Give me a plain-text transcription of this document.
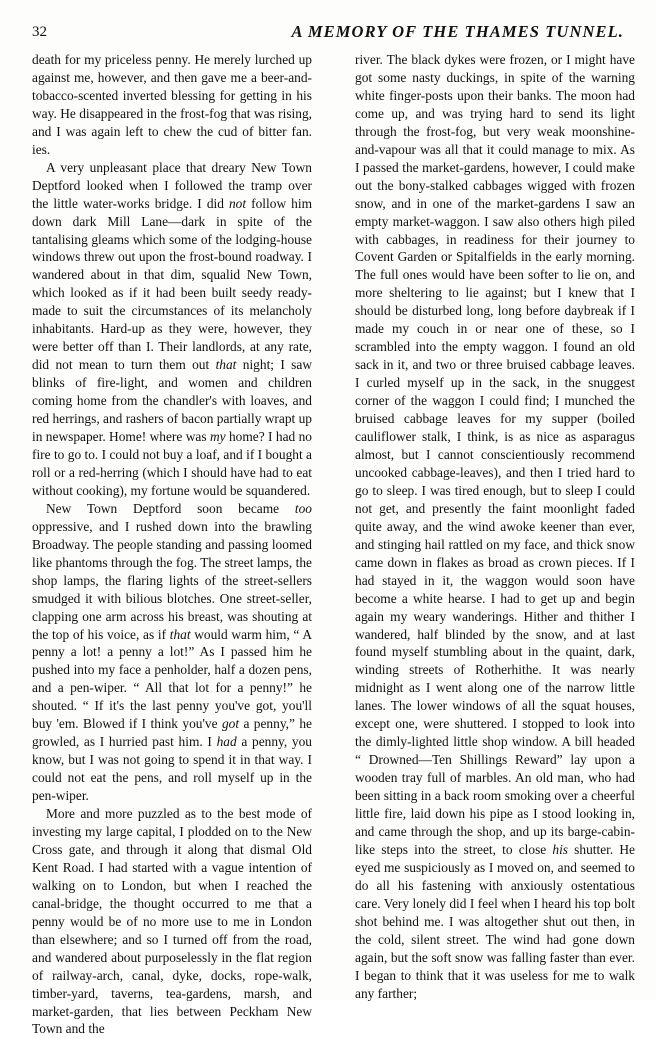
32	A MEMORY OF THE THAMES TUNNEL.

death for my priceless penny. He merely lurched up against me, however, and then gave me a beer-and-tobacco-scented inverted blessing for getting in his way. He disappeared in the frost-fog that was rising, and I was again left to chew the cud of bitter fan. ies.

A very unpleasant place that dreary New Town Deptford looked when I followed the tramp over the little water-works bridge. I did not follow him down dark Mill Lane—dark in spite of the tantalising gleams which some of the lodging-house windows threw out upon the frost-bound roadway. I wandered about in that dim, squalid New Town, which looked as if it had been built seedy ready-made to suit the circumstances of its melancholy inhabitants. Hard-up as they were, however, they were better off than I. Their landlords, at any rate, did not mean to turn them out that night; I saw blinks of fire-light, and women and children coming home from the chandler's with loaves, and red herrings, and rashers of bacon partially wrapt up in newspaper. Home! where was my home? I had no fire to go to. I could not buy a loaf, and if I bought a roll or a red-herring (which I should have had to eat without cooking), my fortune would be squandered.

New Town Deptford soon became too oppressive, and I rushed down into the brawling Broadway. The people standing and passing loomed like phantoms through the fog. The street lamps, the shop lamps, the flaring lights of the street-sellers smudged it with bilious blotches. One street-seller, clapping one arm across his breast, was shouting at the top of his voice, as if that would warm him, “ A penny a lot! a penny a lot!” As I passed him he pushed into my face a penholder, half a dozen pens, and a pen-wiper. “ All that lot for a penny!” he shouted. “ If it's the last penny you've got, you'll buy 'em. Blowed if I think you've got a penny,” he growled, as I hurried past him. I had a penny, you know, but I was not going to spend it in that way. I could not eat the pens, and roll myself up in the pen-wiper.

More and more puzzled as to the best mode of investing my large capital, I plodded on to the New Cross gate, and through it along that dismal Old Kent Road. I had started with a vague intention of walking on to London, but when I reached the canal-bridge, the thought occurred to me that a penny would be of no more use to me in London than elsewhere; and so I turned off from the road, and wandered about purposelessly in the flat region of railway-arch, canal, dyke, docks, rope-walk, timber-yard, taverns, tea-gardens, marsh, and market-garden, that lies between Peckham New Town and the

river. The black dykes were frozen, or I might have got some nasty duckings, in spite of the warning white finger-posts upon their banks. The moon had come up, and was trying hard to send its light through the frost-fog, but very weak moonshine-and-vapour was all that it could manage to mix. As I passed the market-gardens, however, I could make out the bony-stalked cabbages wigged with frozen snow, and in one of the market-gardens I saw an empty market-waggon. I saw also others high piled with cabbages, in readiness for their journey to Covent Garden or Spitalfields in the early morning. The full ones would have been softer to lie on, and more sheltering to lie against; but I knew that I should be disturbed long, long before daybreak if I made my couch in or near one of these, so I scrambled into the empty waggon. I found an old sack in it, and two or three bruised cabbage leaves. I curled myself up in the sack, in the snuggest corner of the waggon I could find; I munched the bruised cabbage leaves for my supper (boiled cauliflower stalk, I think, is as nice as asparagus almost, but I cannot conscientiously recommend uncooked cabbage-leaves), and then I tried hard to go to sleep. I was tired enough, but to sleep I could not get, and presently the faint moonlight faded quite away, and the wind awoke keener than ever, and stinging hail rattled on my face, and thick snow came down in flakes as broad as crown pieces. If I had stayed in it, the waggon would soon have become a white hearse. I had to get up and begin again my weary wanderings. Hither and thither I wandered, half blinded by the snow, and at last found myself stumbling about in the quaint, dark, winding streets of Rotherhithe. It was nearly midnight as I went along one of the narrow little lanes. The lower windows of all the squat houses, except one, were shuttered. I stopped to look into the dimly-lighted little shop window. A bill headed “ Drowned—Ten Shillings Reward” lay upon a wooden tray full of marbles. An old man, who had been sitting in a back room smoking over a cheerful little fire, laid down his pipe as I stood looking in, and came through the shop, and up its barge-cabin-like steps into the street, to close his shutter. He eyed me suspiciously as I moved on, and seemed to do all his fastening with anxiously ostentatious care. Very lonely did I feel when I heard his top bolt shot behind me. I was altogether shut out then, in the cold, silent street. The wind had gone down again, but the soft snow was falling faster than ever. I began to think that it was useless for me to walk any farther;
